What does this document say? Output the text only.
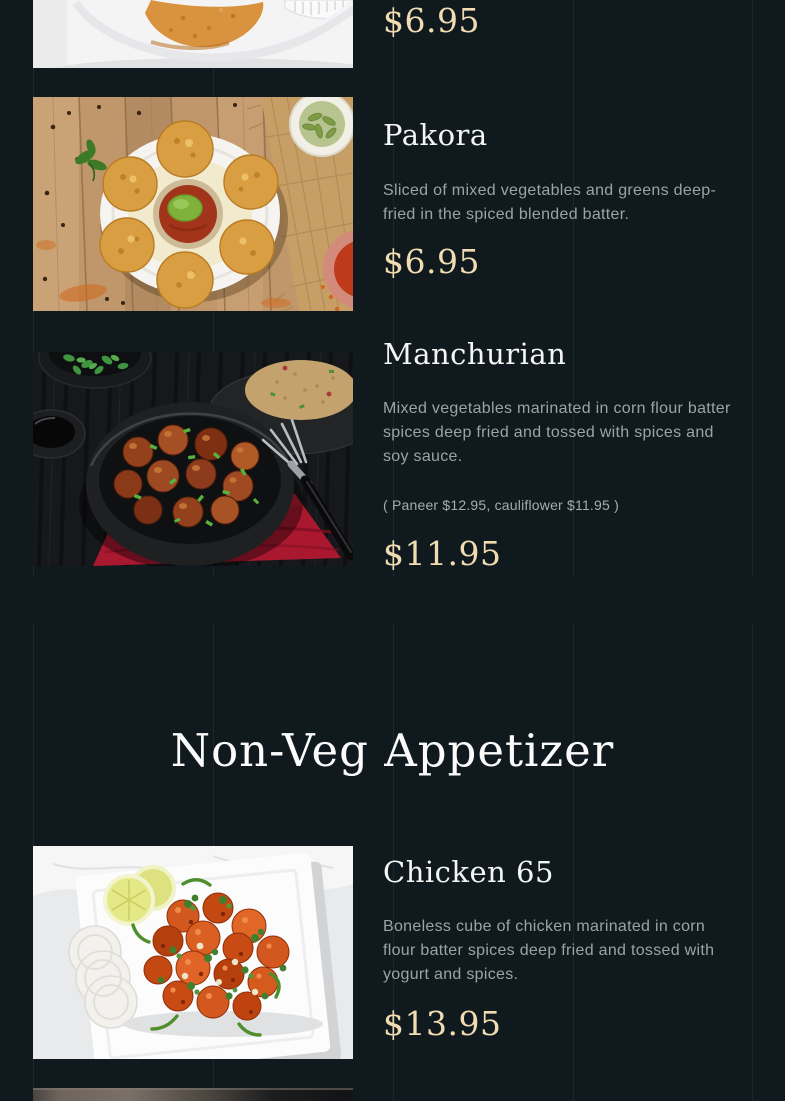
$6.95

Pakora

Sliced of mixed vegetables and greens deep-fried in the spiced blended batter.

$6.95

Manchurian

Mixed vegetables marinated in corn flour batter spices deep fried and tossed with spices and soy sauce.

( Paneer $12.95, cauliflower $11.95 )

$11.95

Non-Veg Appetizer
Chicken 65

Boneless cube of chicken marinated in corn flour batter spices deep fried and tossed with yogurt and spices.

$13.95
